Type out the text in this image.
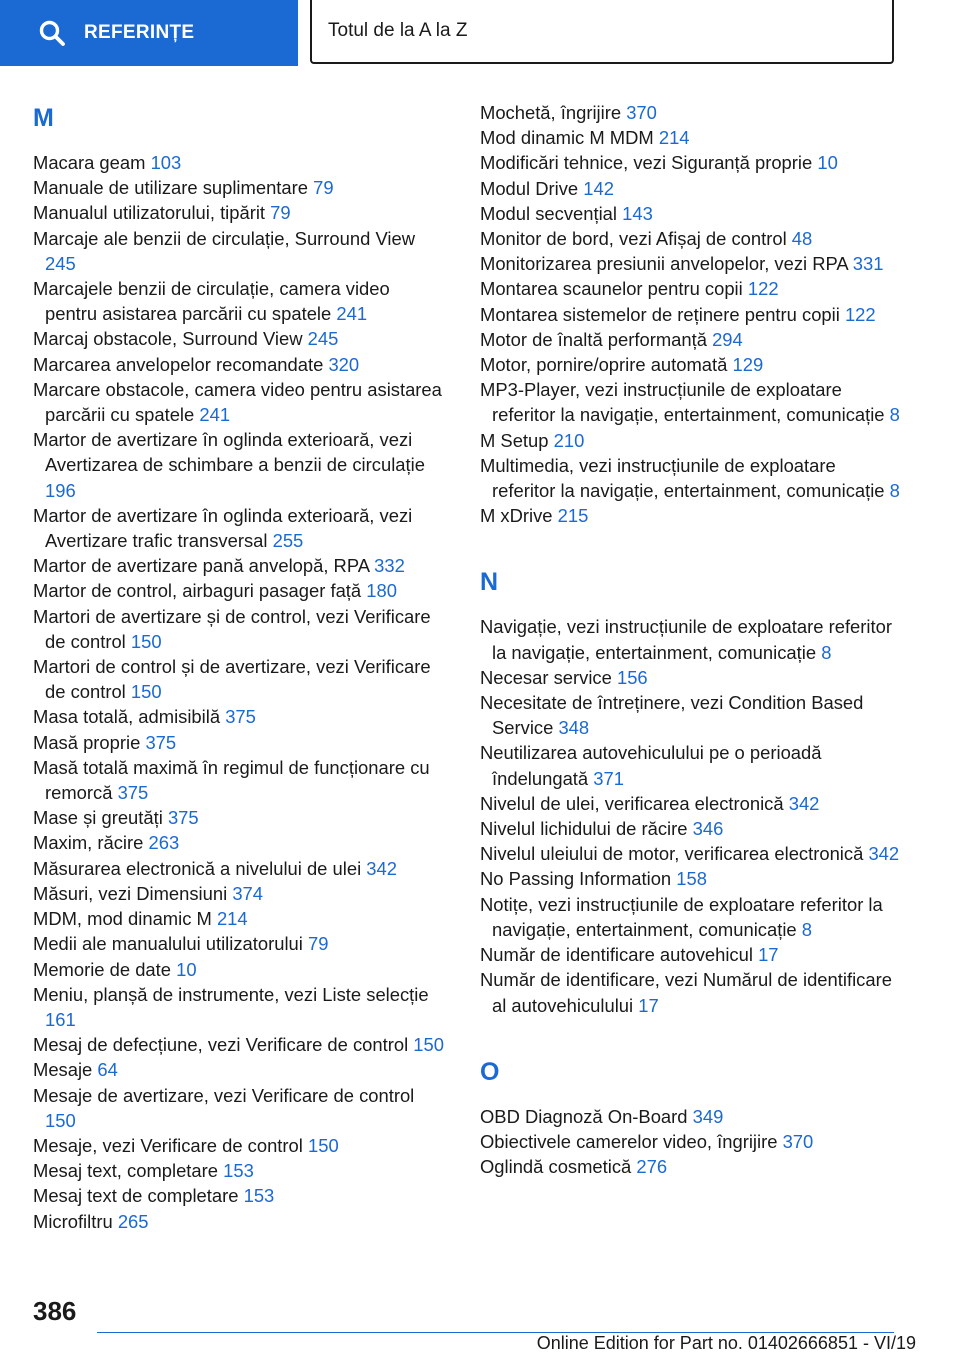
REFERINȚE	Totul de la A la Z
M
Macara geam 103
Manuale de utilizare suplimentare 79
Manualul utilizatorului, tipărit 79
Marcaje ale benzii de circulație, Surround View 245
Marcajele benzii de circulație, camera video pentru asistarea parcării cu spatele 241
Marcaj obstacole, Surround View 245
Marcarea anvelopelor recomandate 320
Marcare obstacole, camera video pentru asistarea parcării cu spatele 241
Martor de avertizare în oglinda exterioară, vezi Avertizarea de schimbare a benzii de circulație 196
Martor de avertizare în oglinda exterioară, vezi Avertizare trafic transversal 255
Martor de avertizare pană anvelopă, RPA 332
Martor de control, airbaguri pasager față 180
Martori de avertizare și de control, vezi Verificare de control 150
Martori de control și de avertizare, vezi Verificare de control 150
Masa totală, admisibilă 375
Masă proprie 375
Masă totală maximă în regimul de funcționare cu remorcă 375
Mase și greutăți 375
Maxim, răcire 263
Măsurarea electronică a nivelului de ulei 342
Măsuri, vezi Dimensiuni 374
MDM, mod dinamic M 214
Medii ale manualului utilizatorului 79
Memorie de date 10
Meniu, planșă de instrumente, vezi Liste selecție 161
Mesaj de defecțiune, vezi Verificare de control 150
Mesaje 64
Mesaje de avertizare, vezi Verificare de control 150
Mesaje, vezi Verificare de control 150
Mesaj text, completare 153
Mesaj text de completare 153
Microfiltru 265
Mochetă, îngrijire 370
Mod dinamic M MDM 214
Modificări tehnice, vezi Siguranță proprie 10
Modul Drive 142
Modul secvențial 143
Monitor de bord, vezi Afișaj de control 48
Monitorizarea presiunii anvelopelor, vezi RPA 331
Montarea scaunelor pentru copii 122
Montarea sistemelor de reținere pentru copii 122
Motor de înaltă performanță 294
Motor, pornire/oprire automată 129
MP3-Player, vezi instrucțiunile de exploatare referitor la navigație, entertainment, comunicație 8
M Setup 210
Multimedia, vezi instrucțiunile de exploatare referitor la navigație, entertainment, comunicație 8
M xDrive 215
N
Navigație, vezi instrucțiunile de exploatare referitor la navigație, entertainment, comunicație 8
Necesar service 156
Necesitate de întreținere, vezi Condition Based Service 348
Neutilizarea autovehiculului pe o perioadă îndelungată 371
Nivelul de ulei, verificarea electronică 342
Nivelul lichidului de răcire 346
Nivelul uleiului de motor, verificarea electronică 342
No Passing Information 158
Notițe, vezi instrucțiunile de exploatare referitor la navigație, entertainment, comunicație 8
Număr de identificare autovehicul 17
Număr de identificare, vezi Numărul de identificare al autovehiculului 17
O
OBD Diagnoză On-Board 349
Obiectivele camerelor video, îngrijire 370
Oglindă cosmetică 276
386
Online Edition for Part no. 01402666851 - VI/19
